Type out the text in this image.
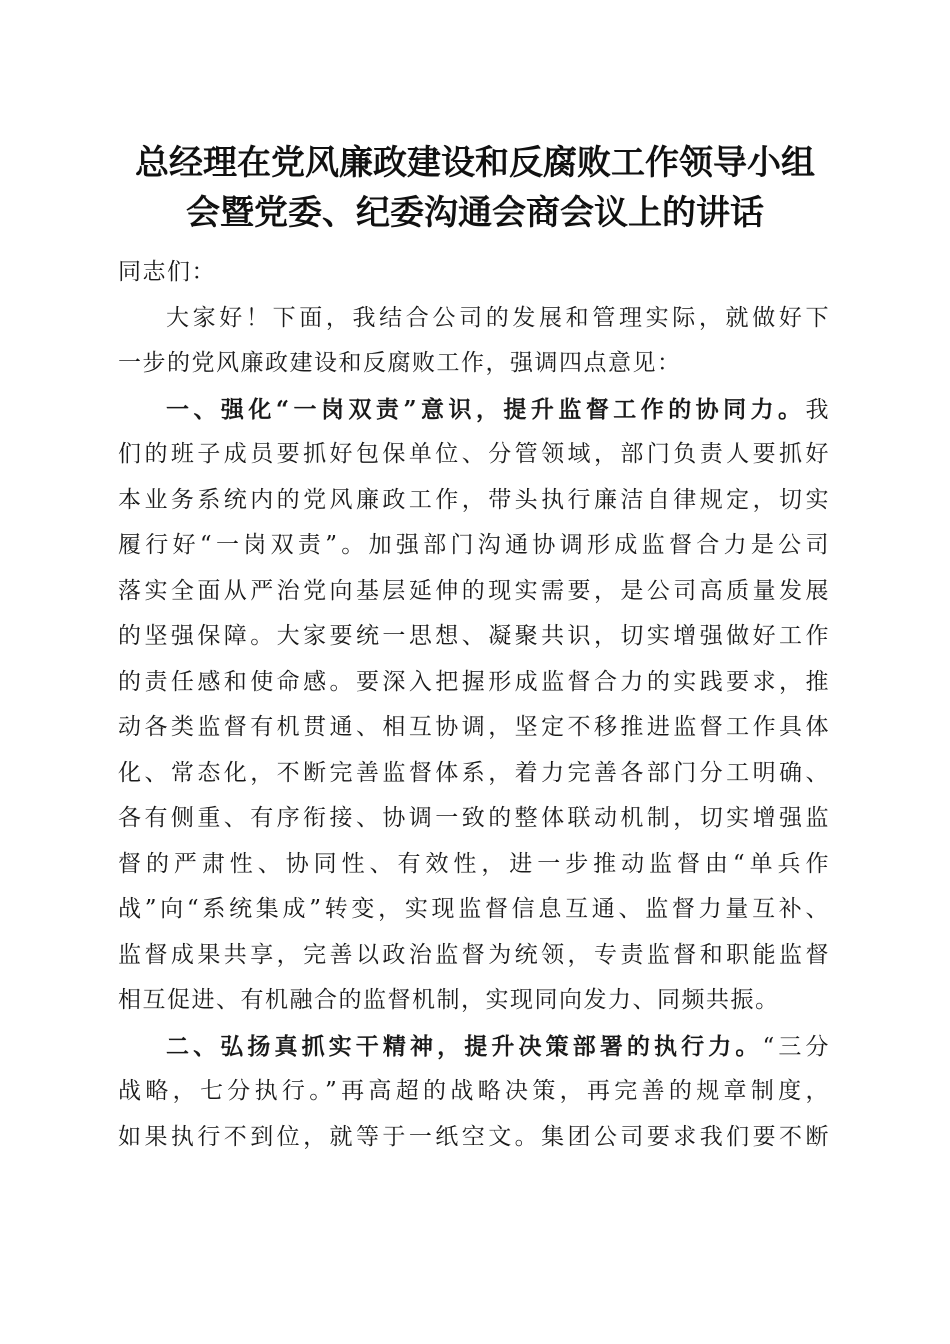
总经理在党风廉政建设和反腐败工作领导小组
会暨党委、纪委沟通会商会议上的讲话
同志们：
大家好！下面，我结合公司的发展和管理实际，就做好下
一步的党风廉政建设和反腐败工作，强调四点意见：
一、强化“一岗双责”意识，提升监督工作的协同力。我
们的班子成员要抓好包保单位、分管领域，部门负责人要抓好
本业务系统内的党风廉政工作，带头执行廉洁自律规定，切实
履行好“一岗双责”。加强部门沟通协调形成监督合力是公司
落实全面从严治党向基层延伸的现实需要，是公司高质量发展
的坚强保障。大家要统一思想、凝聚共识，切实增强做好工作
的责任感和使命感。要深入把握形成监督合力的实践要求，推
动各类监督有机贯通、相互协调，坚定不移推进监督工作具体
化、常态化，不断完善监督体系，着力完善各部门分工明确、
各有侧重、有序衔接、协调一致的整体联动机制，切实增强监
督的严肃性、协同性、有效性，进一步推动监督由“单兵作
战”向“系统集成”转变，实现监督信息互通、监督力量互补、
监督成果共享，完善以政治监督为统领，专责监督和职能监督
相互促进、有机融合的监督机制，实现同向发力、同频共振。
二、弘扬真抓实干精神，提升决策部署的执行力。“三分
战略，七分执行。”再高超的战略决策，再完善的规章制度，
如果执行不到位，就等于一纸空文。集团公司要求我们要不断
